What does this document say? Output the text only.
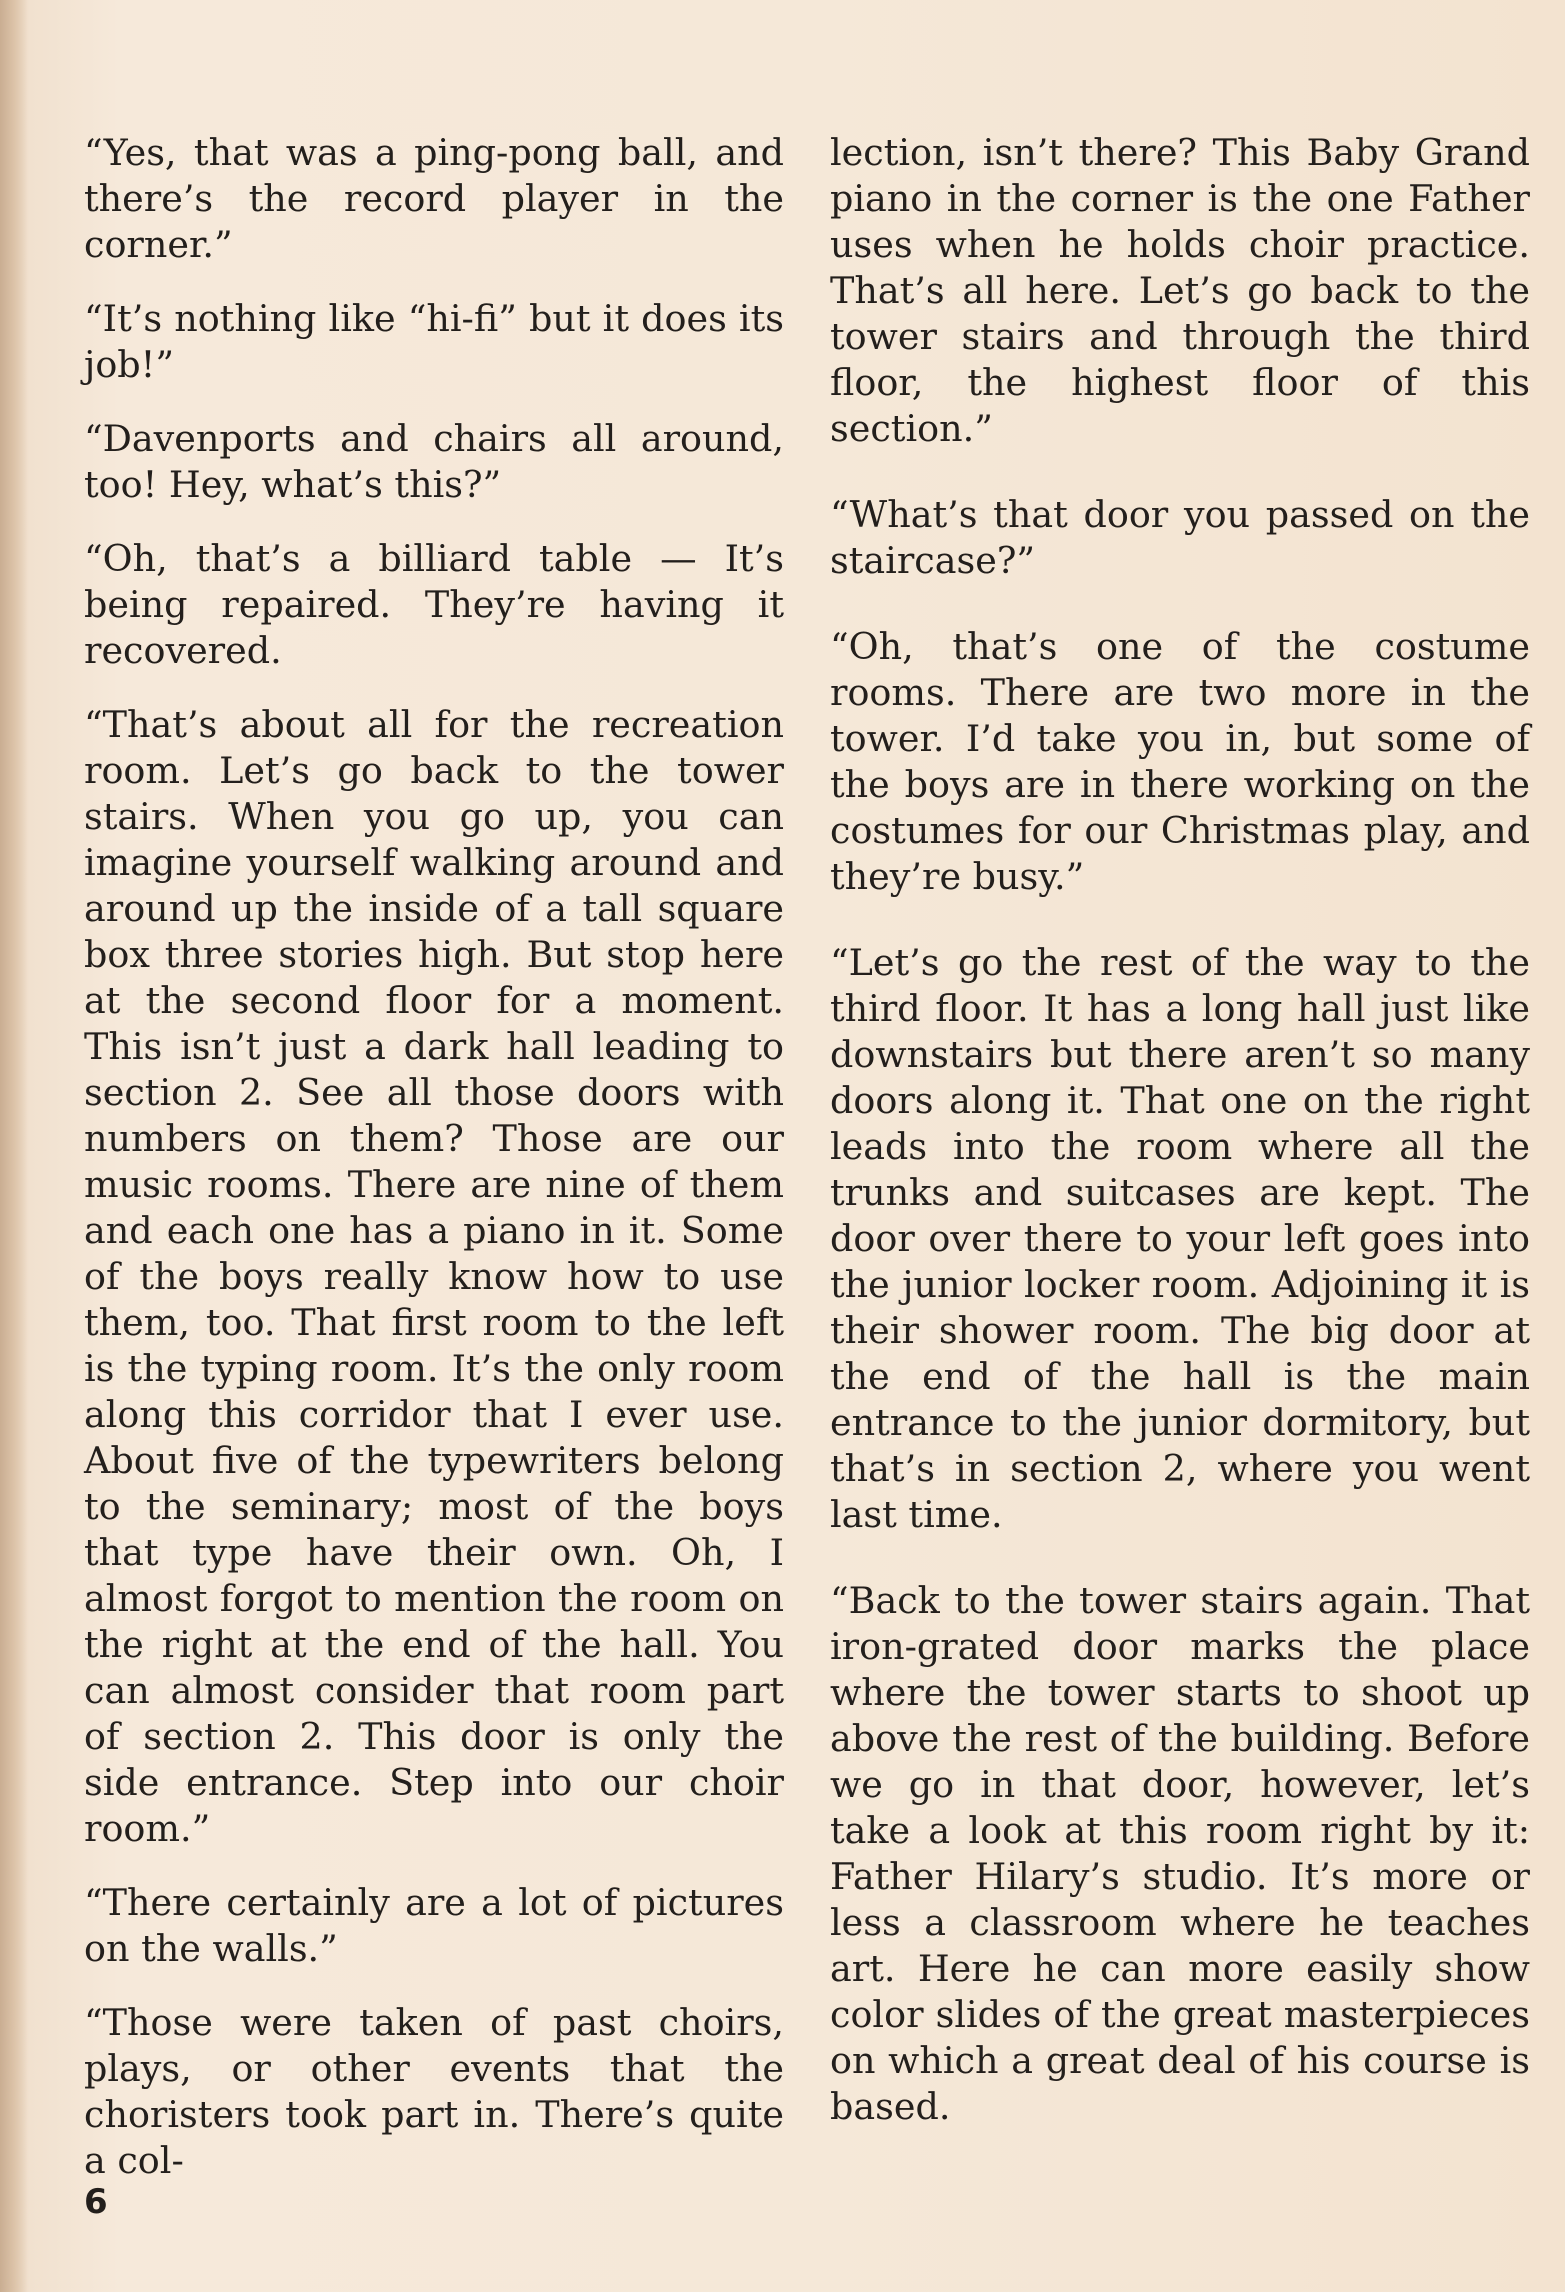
“Yes, that was a ping-pong ball, and there’s the record player in the corner.”

“It’s nothing like “hi-fi” but it does its job!”

“Davenports and chairs all around, too! Hey, what’s this?”

“Oh, that’s a billiard table — It’s being repaired. They’re having it recovered.

“That’s about all for the recreation room. Let’s go back to the tower stairs. When you go up, you can imagine yourself walking around and around up the inside of a tall square box three stories high. But stop here at the second floor for a moment. This isn’t just a dark hall leading to section 2. See all those doors with numbers on them? Those are our music rooms. There are nine of them and each one has a piano in it. Some of the boys really know how to use them, too. That first room to the left is the typing room. It’s the only room along this corridor that I ever use. About five of the typewriters belong to the seminary; most of the boys that type have their own. Oh, I almost forgot to mention the room on the right at the end of the hall. You can almost consider that room part of section 2. This door is only the side entrance. Step into our choir room.”

“There certainly are a lot of pictures on the walls.”

“Those were taken of past choirs, plays, or other events that the choristers took part in. There’s quite a col-

lection, isn’t there? This Baby Grand piano in the corner is the one Father uses when he holds choir practice. That’s all here. Let’s go back to the tower stairs and through the third floor, the highest floor of this section.”

“What’s that door you passed on the staircase?”

“Oh, that’s one of the costume rooms. There are two more in the tower. I’d take you in, but some of the boys are in there working on the costumes for our Christmas play, and they’re busy.”

“Let’s go the rest of the way to the third floor. It has a long hall just like downstairs but there aren’t so many doors along it. That one on the right leads into the room where all the trunks and suitcases are kept. The door over there to your left goes into the junior locker room. Adjoining it is their shower room. The big door at the end of the hall is the main entrance to the junior dormitory, but that’s in section 2, where you went last time.

“Back to the tower stairs again. That iron-grated door marks the place where the tower starts to shoot up above the rest of the building. Before we go in that door, however, let’s take a look at this room right by it: Father Hilary’s studio. It’s more or less a classroom where he teaches art. Here he can more easily show color slides of the great masterpieces on which a great deal of his course is based.

6
